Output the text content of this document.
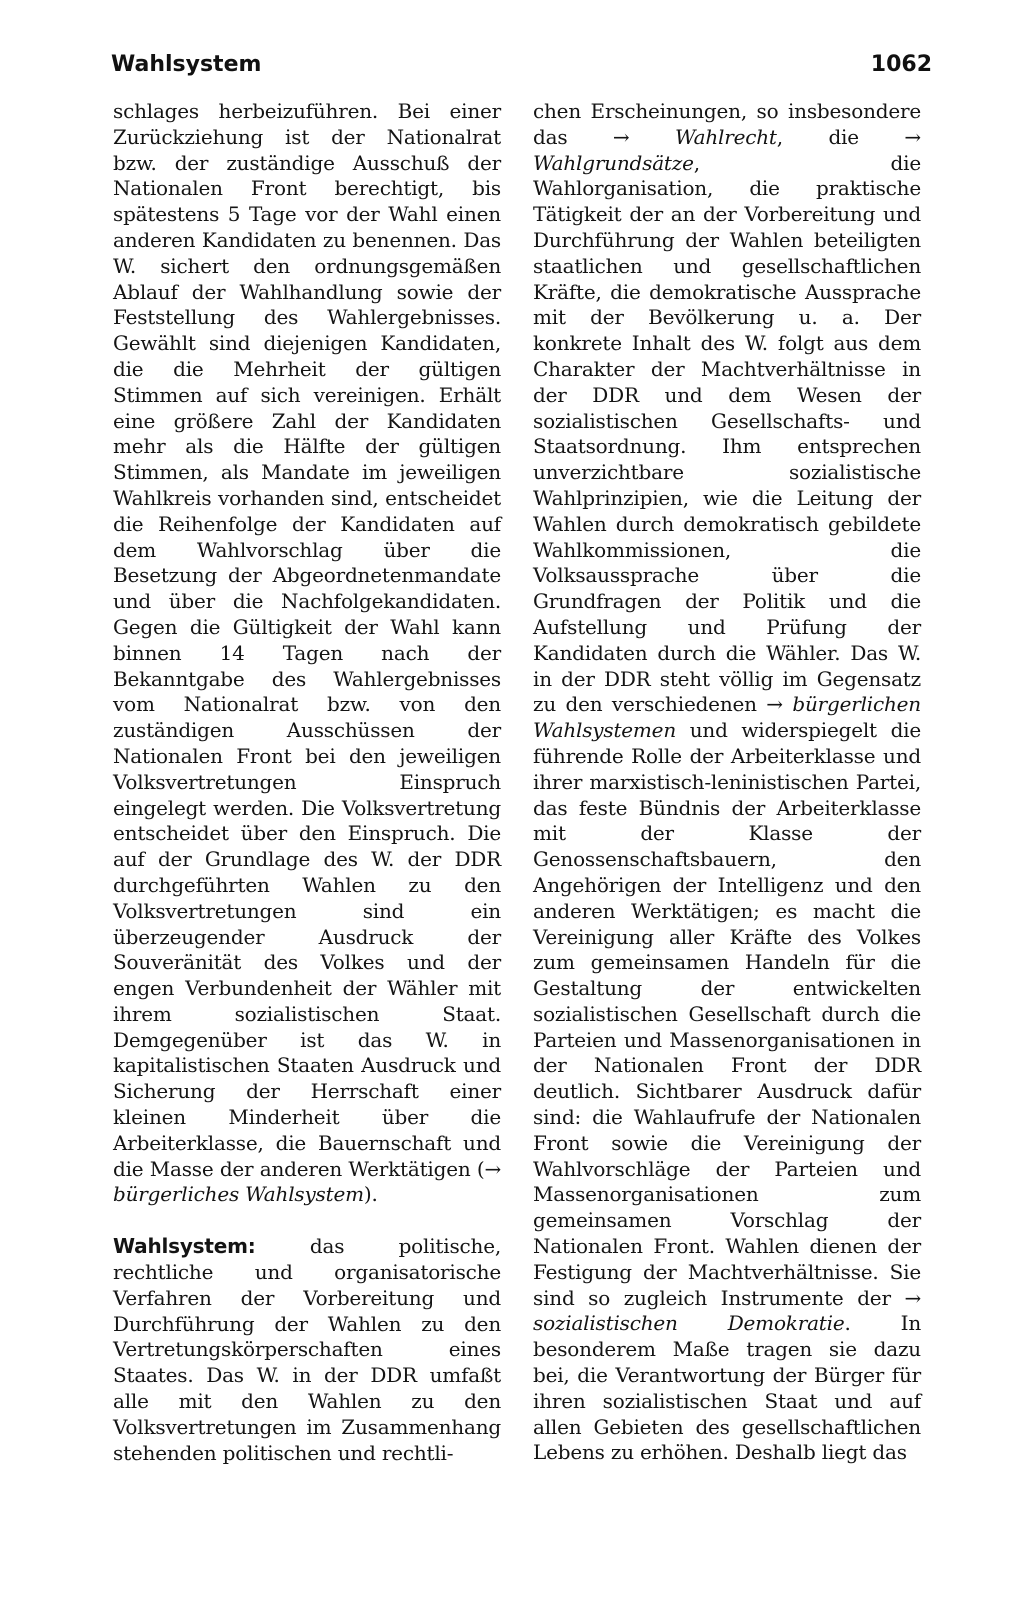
Wahlsystem	1062

schlages herbeizuführen. Bei einer Zurückziehung ist der Nationalrat bzw. der zuständige Ausschuß der Nationalen Front berechtigt, bis spätestens 5 Tage vor der Wahl einen anderen Kandidaten zu benennen. Das W. sichert den ordnungsgemäßen Ablauf der Wahlhandlung sowie der Feststellung des Wahlergebnisses. Gewählt sind diejenigen Kandidaten, die die Mehrheit der gültigen Stimmen auf sich vereinigen. Erhält eine größere Zahl der Kandidaten mehr als die Hälfte der gültigen Stimmen, als Mandate im jeweiligen Wahlkreis vorhanden sind, entscheidet die Reihenfolge der Kandidaten auf dem Wahlvorschlag über die Besetzung der Abgeordnetenmandate und über die Nachfolgekandidaten. Gegen die Gültigkeit der Wahl kann binnen 14 Tagen nach der Bekanntgabe des Wahlergebnisses vom Nationalrat bzw. von den zuständigen Ausschüssen der Nationalen Front bei den jeweiligen Volksvertretungen Einspruch eingelegt werden. Die Volksvertretung entscheidet über den Einspruch. Die auf der Grundlage des W. der DDR durchgeführten Wahlen zu den Volksvertretungen sind ein überzeugender Ausdruck der Souveränität des Volkes und der engen Verbundenheit der Wähler mit ihrem sozialistischen Staat. Demgegenüber ist das W. in kapitalistischen Staaten Ausdruck und Sicherung der Herrschaft einer kleinen Minderheit über die Arbeiterklasse, die Bauernschaft und die Masse der anderen Werktätigen (→ bürgerliches Wahlsystem).

Wahlsystem: das politische, rechtliche und organisatorische Verfahren der Vorbereitung und Durchführung der Wahlen zu den Vertretungskörperschaften eines Staates. Das W. in der DDR umfaßt alle mit den Wahlen zu den Volksvertretungen im Zusammenhang stehenden politischen und rechtli-

chen Erscheinungen, so insbesondere das → Wahlrecht, die → Wahlgrundsätze, die Wahlorganisation, die praktische Tätigkeit der an der Vorbereitung und Durchführung der Wahlen beteiligten staatlichen und gesellschaftlichen Kräfte, die demokratische Aussprache mit der Bevölkerung u. a. Der konkrete Inhalt des W. folgt aus dem Charakter der Machtverhältnisse in der DDR und dem Wesen der sozialistischen Gesellschafts- und Staatsordnung. Ihm entsprechen unverzichtbare sozialistische Wahlprinzipien, wie die Leitung der Wahlen durch demokratisch gebildete Wahlkommissionen, die Volksaussprache über die Grundfragen der Politik und die Aufstellung und Prüfung der Kandidaten durch die Wähler. Das W. in der DDR steht völlig im Gegensatz zu den verschiedenen → bürgerlichen Wahlsystemen und widerspiegelt die führende Rolle der Arbeiterklasse und ihrer marxistisch-leninistischen Partei, das feste Bündnis der Arbeiterklasse mit der Klasse der Genossenschaftsbauern, den Angehörigen der Intelligenz und den anderen Werktätigen; es macht die Vereinigung aller Kräfte des Volkes zum gemeinsamen Handeln für die Gestaltung der entwickelten sozialistischen Gesellschaft durch die Parteien und Massenorganisationen in der Nationalen Front der DDR deutlich. Sichtbarer Ausdruck dafür sind: die Wahlaufrufe der Nationalen Front sowie die Vereinigung der Wahlvorschläge der Parteien und Massenorganisationen zum gemeinsamen Vorschlag der Nationalen Front. Wahlen dienen der Festigung der Machtverhältnisse. Sie sind so zugleich Instrumente der → sozialistischen Demokratie. In besonderem Maße tragen sie dazu bei, die Verantwortung der Bürger für ihren sozialistischen Staat und auf allen Gebieten des gesellschaftlichen Lebens zu erhöhen. Deshalb liegt das
